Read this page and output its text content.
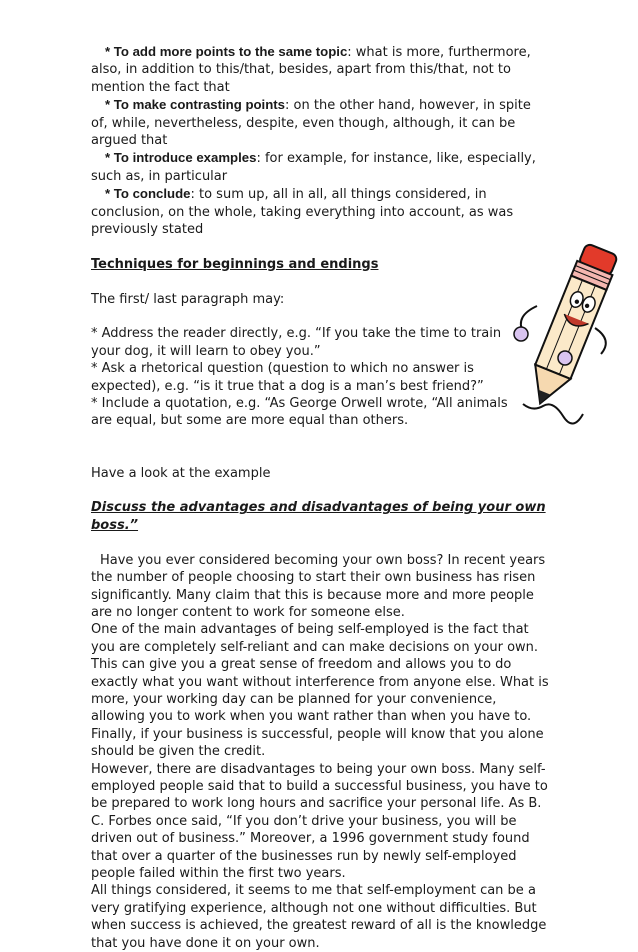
* To add more points to the same topic: what is more, furthermore, also, in addition to this/that, besides, apart from this/that, not to mention the fact that

* To make contrasting points: on the other hand, however, in spite of, while, nevertheless, despite, even though, although, it can be argued that

* To introduce examples: for example, for instance, like, especially, such as, in particular

* To conclude: to sum up, all in all, all things considered, in conclusion, on the whole, taking everything into account, as was previously stated

Techniques for beginnings and endings

The first/ last paragraph may:

* Address the reader directly, e.g. “If you take the time to train your dog, it will learn to obey you.”

* Ask a rhetorical question (question to which no answer is expected), e.g. “is it true that a dog is a man’s best friend?”

* Include a quotation, e.g. “As George Orwell wrote, “All animals are equal, but some are more equal than others.

Have a look at the example

Discuss the advantages and disadvantages of being your own boss.”

Have you ever considered becoming your own boss? In recent years the number of people choosing to start their own business has risen significantly. Many claim that this is because more and more people are no longer content to work for someone else.

One of the main advantages of being self-employed is the fact that you are completely self-reliant and can make decisions on your own. This can give you a great sense of freedom and allows you to do exactly what you want without interference from anyone else. What is more, your working day can be planned for your convenience, allowing you to work when you want rather than when you have to. Finally, if your business is successful, people will know that you alone should be given the credit.

However, there are disadvantages to being your own boss. Many self-employed people said that to build a successful business, you have to be prepared to work long hours and sacrifice your personal life. As B. C. Forbes once said, “If you don’t drive your business, you will be driven out of business.” Moreover, a 1996 government study found that over a quarter of the businesses run by newly self-employed people failed within the first two years.

All things considered, it seems to me that self-employment can be a very gratifying experience, although not one without difficulties. But when success is achieved, the greatest reward of all is the knowledge that you have done it on your own.
